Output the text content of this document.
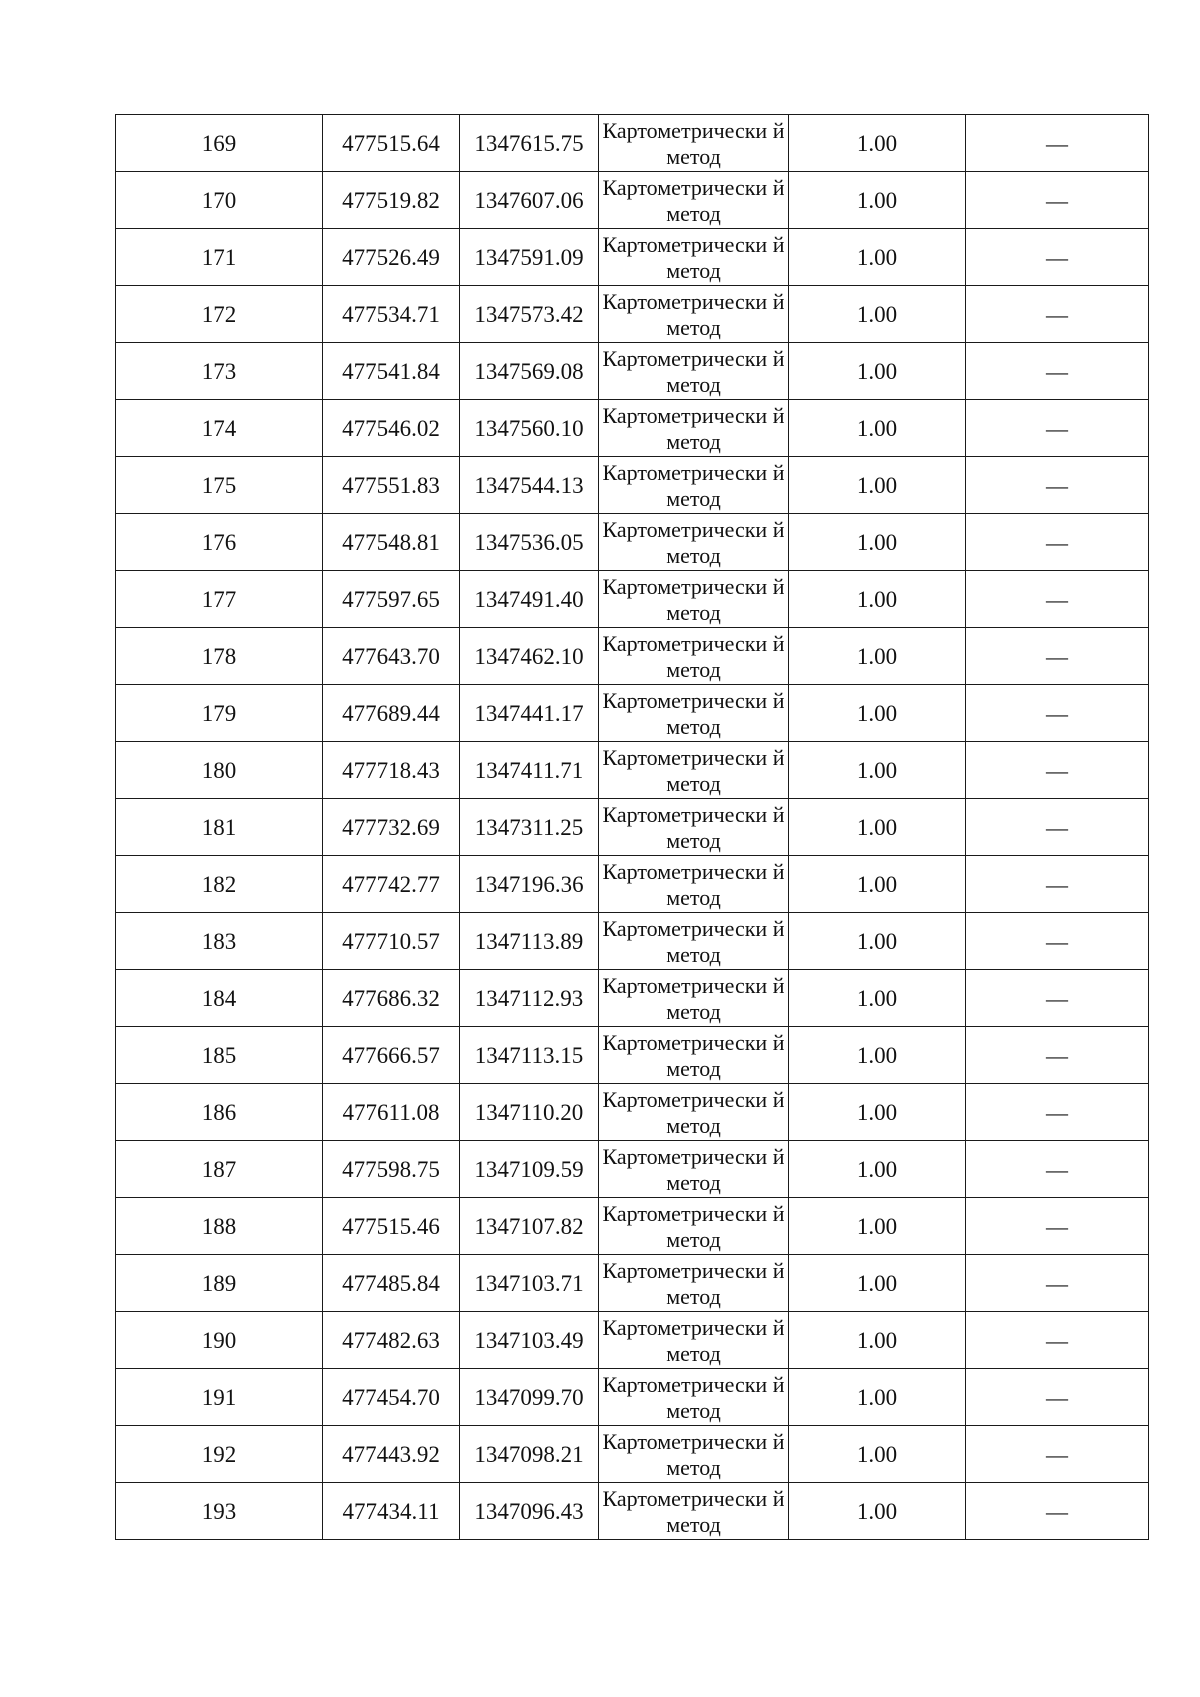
169	477515.64	1347615.75	Картометрически й метод	1.00	—
170	477519.82	1347607.06	Картометрически й метод	1.00	—
171	477526.49	1347591.09	Картометрически й метод	1.00	—
172	477534.71	1347573.42	Картометрически й метод	1.00	—
173	477541.84	1347569.08	Картометрически й метод	1.00	—
174	477546.02	1347560.10	Картометрически й метод	1.00	—
175	477551.83	1347544.13	Картометрически й метод	1.00	—
176	477548.81	1347536.05	Картометрически й метод	1.00	—
177	477597.65	1347491.40	Картометрически й метод	1.00	—
178	477643.70	1347462.10	Картометрически й метод	1.00	—
179	477689.44	1347441.17	Картометрически й метод	1.00	—
180	477718.43	1347411.71	Картометрически й метод	1.00	—
181	477732.69	1347311.25	Картометрически й метод	1.00	—
182	477742.77	1347196.36	Картометрически й метод	1.00	—
183	477710.57	1347113.89	Картометрически й метод	1.00	—
184	477686.32	1347112.93	Картометрически й метод	1.00	—
185	477666.57	1347113.15	Картометрически й метод	1.00	—
186	477611.08	1347110.20	Картометрически й метод	1.00	—
187	477598.75	1347109.59	Картометрически й метод	1.00	—
188	477515.46	1347107.82	Картометрически й метод	1.00	—
189	477485.84	1347103.71	Картометрически й метод	1.00	—
190	477482.63	1347103.49	Картометрически й метод	1.00	—
191	477454.70	1347099.70	Картометрически й метод	1.00	—
192	477443.92	1347098.21	Картометрически й метод	1.00	—
193	477434.11	1347096.43	Картометрически й метод	1.00	—
